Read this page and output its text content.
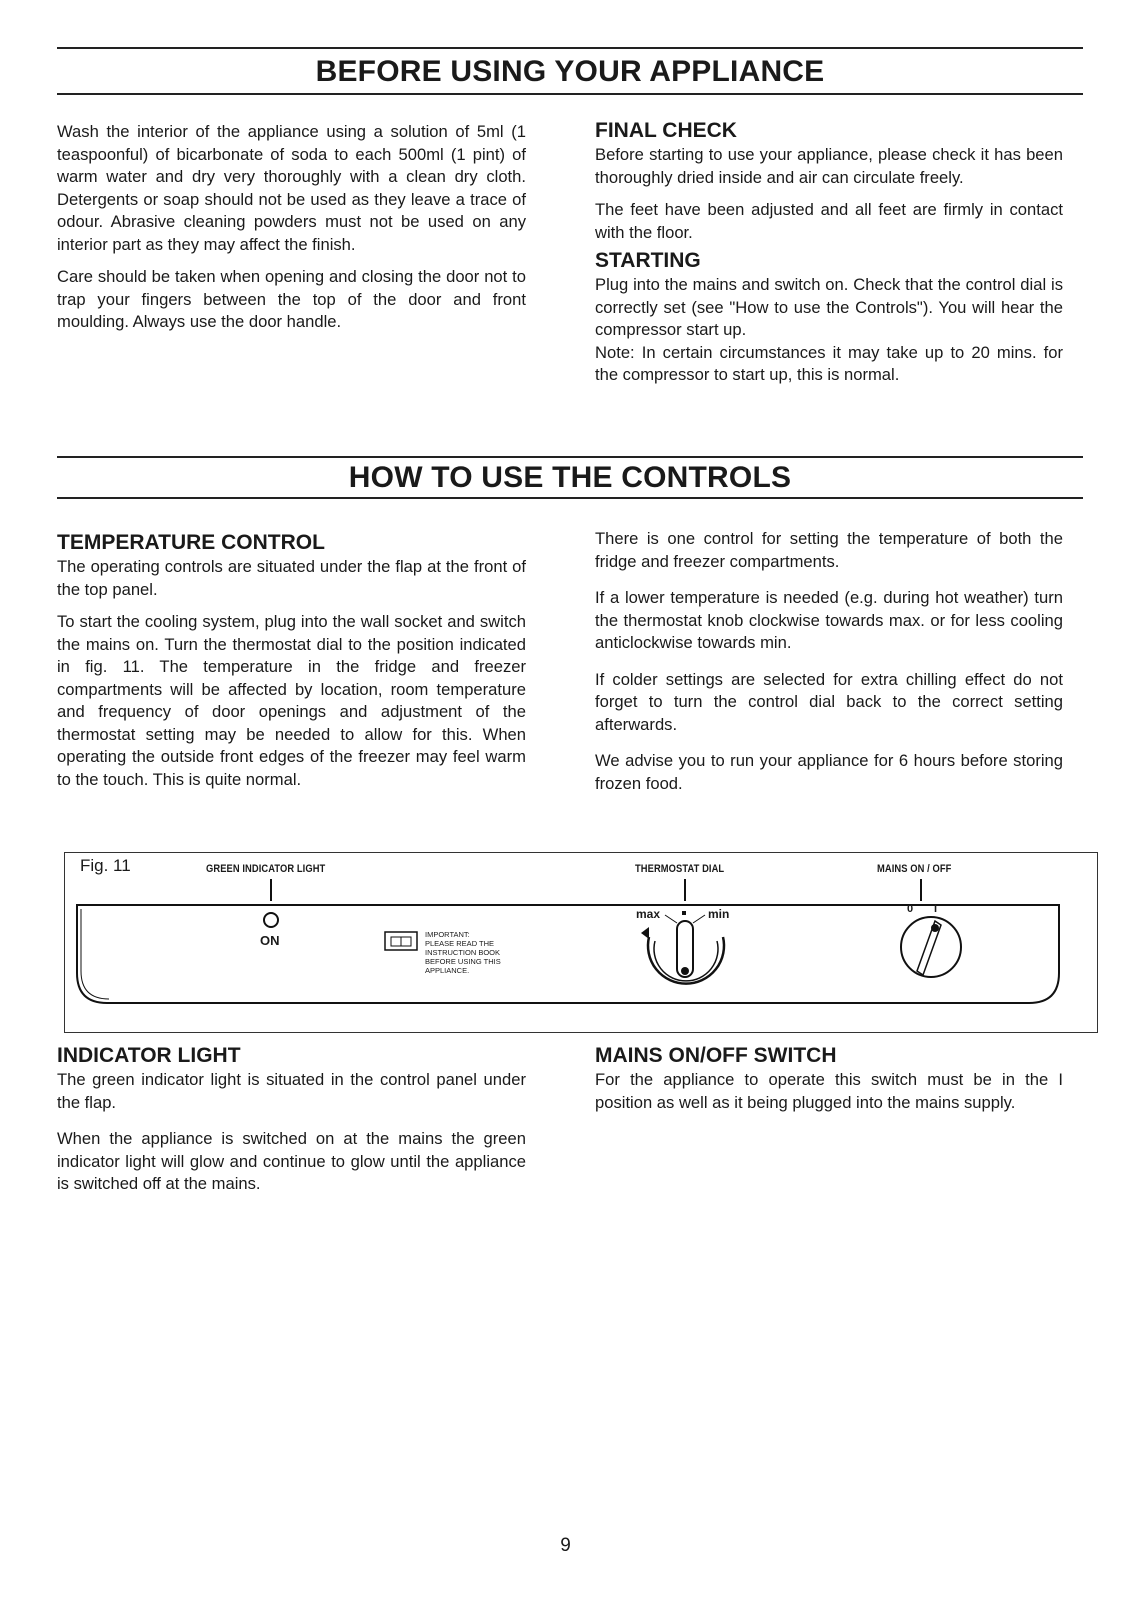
BEFORE USING YOUR APPLIANCE

Wash the interior of the appliance using a solution of 5ml (1 teaspoonful) of bicarbonate of soda to each 500ml (1 pint) of warm water and dry very thoroughly with a clean dry cloth. Detergents or soap should not be used as they leave a trace of odour. Abrasive cleaning powders must not be used on any interior part as they may affect the finish.

Care should be taken when opening and closing the door not to trap your fingers between the top of the door and front moulding. Always use the door handle.

FINAL CHECK

Before starting to use your appliance, please check it has been thoroughly dried inside and air can circulate freely.

The feet have been adjusted and all feet are firmly in contact with the floor.

STARTING

Plug into the mains and switch on. Check that the control dial is correctly set (see "How to use the Controls"). You will hear the compressor start up.

Note: In certain circumstances it may take up to 20 mins. for the compressor to start up, this is normal.

HOW TO USE THE CONTROLS
TEMPERATURE CONTROL

The operating controls are situated under the flap at the front of the top panel.

To start the cooling system, plug into the wall socket and switch the mains on. Turn the thermostat dial to the position indicated in fig. 11. The temperature in the fridge and freezer compartments will be affected by location, room temperature and frequency of door openings and adjustment of the thermostat setting may be needed to allow for this. When operating the outside front edges of the freezer may feel warm to the touch. This is quite normal.

There is one control for setting the temperature of both the fridge and freezer compartments.

If a lower temperature is needed (e.g. during hot weather) turn the thermostat knob clockwise towards max. or for less cooling anticlockwise towards min.

If colder settings are selected for extra chilling effect do not forget to turn the control dial back to the correct setting afterwards.

We advise you to run your appliance for 6 hours before storing frozen food.

Fig. 11	GREEN INDICATOR LIGHT	THERMOSTAT DIAL	MAINS ON / OFF
ON	IMPORTANT:
PLEASE READ THE
INSTRUCTION BOOK
BEFORE USING THIS
APPLIANCE.
max	min	0 I
INDICATOR LIGHT

The green indicator light is situated in the control panel under the flap.

When the appliance is switched on at the mains the green indicator light will glow and continue to glow until the appliance is switched off at the mains.

MAINS ON/OFF SWITCH

For the appliance to operate this switch must be in the I position as well as it being plugged into the mains supply.

9
